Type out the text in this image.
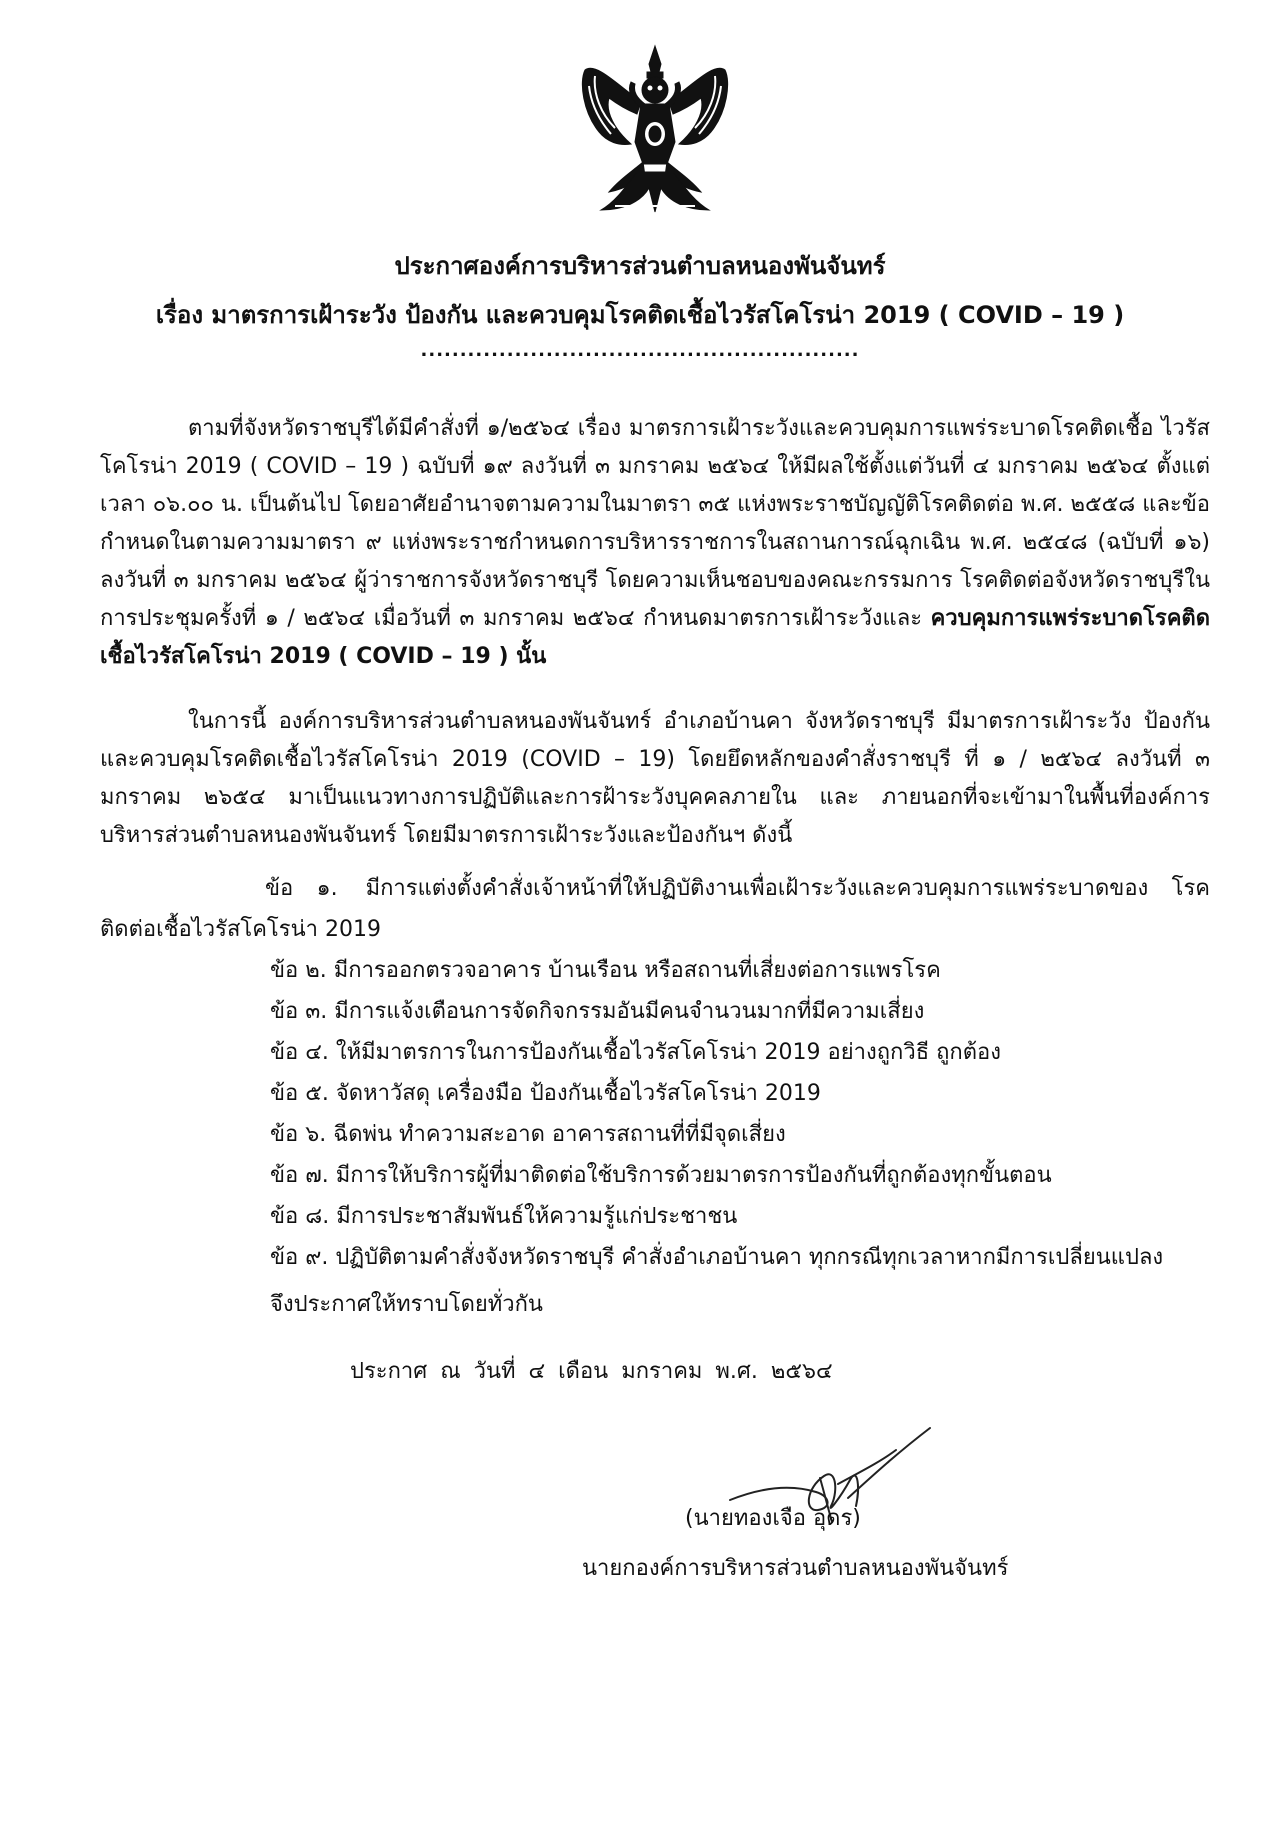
ประกาศองค์การบริหารส่วนตำบลหนองพันจันทร์
เรื่อง มาตรการเฝ้าระวัง ป้องกัน และควบคุมโรคติดเชื้อไวรัสโคโรน่า 2019 ( COVID – 19 )
........................................................
ตามที่จังหวัดราชบุรีได้มีคำสั่งที่ ๑/๒๕๖๔ เรื่อง มาตรการเฝ้าระวังและควบคุมการแพร่ระบาดโรคติดเชื้อ ไวรัสโคโรน่า 2019 ( COVID – 19 ) ฉบับที่ ๑๙ ลงวันที่ ๓ มกราคม ๒๕๖๔ ให้มีผลใช้ตั้งแต่วันที่ ๔ มกราคม ๒๕๖๔ ตั้งแต่เวลา ๐๖.๐๐ น. เป็นต้นไป โดยอาศัยอำนาจตามความในมาตรา ๓๕ แห่งพระราชบัญญัติโรคติดต่อ พ.ศ. ๒๕๕๘ และข้อกำหนดในตามความมาตรา ๙ แห่งพระราชกำหนดการบริหารราชการในสถานการณ์ฉุกเฉิน พ.ศ. ๒๕๔๘ (ฉบับที่ ๑๖) ลงวันที่ ๓ มกราคม ๒๕๖๔ ผู้ว่าราชการจังหวัดราชบุรี โดยความเห็นชอบของคณะกรรมการ โรคติดต่อจังหวัดราชบุรีในการประชุมครั้งที่ ๑ / ๒๕๖๔ เมื่อวันที่ ๓ มกราคม ๒๕๖๔ กำหนดมาตรการเฝ้าระวังและ ควบคุมการแพร่ระบาดโรคติดเชื้อไวรัสโคโรน่า 2019 ( COVID – 19 ) นั้น
ในการนี้ องค์การบริหารส่วนตำบลหนองพันจันทร์ อำเภอบ้านคา จังหวัดราชบุรี มีมาตรการเฝ้าระวัง ป้องกัน และควบคุมโรคติดเชื้อไวรัสโคโรน่า 2019 (COVID – 19) โดยยึดหลักของคำสั่งราชบุรี ที่ ๑ / ๒๕๖๔ ลงวันที่ ๓ มกราคม ๒๖๕๔ มาเป็นแนวทางการปฏิบัติและการฝ้าระวังบุคคลภายใน และ ภายนอกที่จะเข้ามาในพื้นที่องค์การ บริหารส่วนตำบลหนองพันจันทร์ โดยมีมาตรการเฝ้าระวังและป้องกันฯ ดังนี้
ข้อ ๑. มีการแต่งตั้งคำสั่งเจ้าหน้าที่ให้ปฏิบัติงานเพื่อเฝ้าระวังและควบคุมการแพร่ระบาดของ โรคติดต่อเชื้อไวรัสโคโรน่า 2019
ข้อ ๒. มีการออกตรวจอาคาร บ้านเรือน หรือสถานที่เสี่ยงต่อการแพรโรค
ข้อ ๓. มีการแจ้งเตือนการจัดกิจกรรมอันมีคนจำนวนมากที่มีความเสี่ยง
ข้อ ๔. ให้มีมาตรการในการป้องกันเชื้อไวรัสโคโรน่า 2019 อย่างถูกวิธี ถูกต้อง
ข้อ ๕. จัดหาวัสดุ เครื่องมือ ป้องกันเชื้อไวรัสโคโรน่า 2019
ข้อ ๖. ฉีดพ่น ทำความสะอาด อาคารสถานที่ที่มีจุดเสี่ยง
ข้อ ๗. มีการให้บริการผู้ที่มาติดต่อใช้บริการด้วยมาตรการป้องกันที่ถูกต้องทุกขั้นตอน
ข้อ ๘. มีการประชาสัมพันธ์ให้ความรู้แก่ประชาชน
ข้อ ๙. ปฏิบัติตามคำสั่งจังหวัดราชบุรี คำสั่งอำเภอบ้านคา ทุกกรณีทุกเวลาหากมีการเปลี่ยนแปลง
จึงประกาศให้ทราบโดยทั่วกัน
ประกาศ ณ วันที่ ๔ เดือน มกราคม พ.ศ. ๒๕๖๔
(นายทองเจือ อุดร)
นายกองค์การบริหารส่วนตำบลหนองพันจันทร์
